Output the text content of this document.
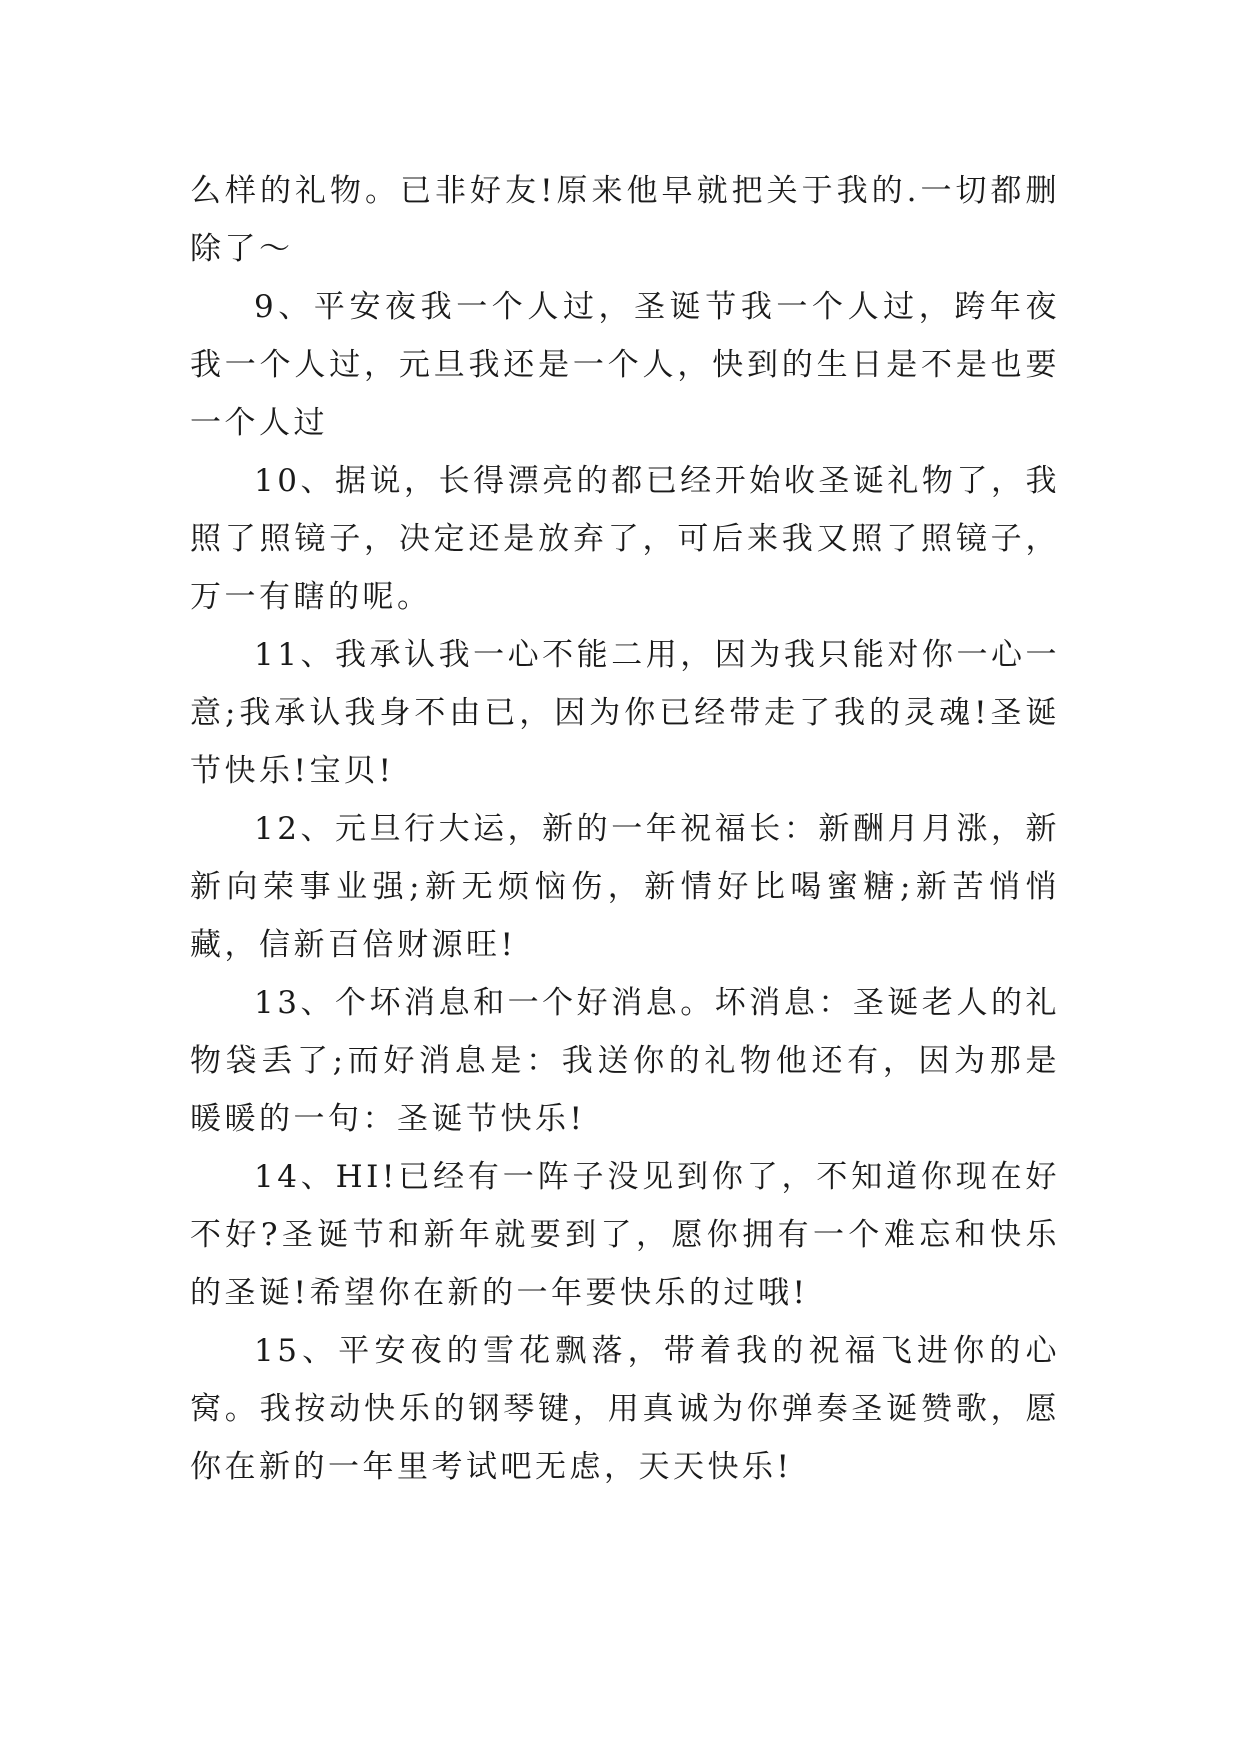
么样的礼物。已非好友!原来他早就把关于我的.一切都删除了～

9、平安夜我一个人过，圣诞节我一个人过，跨年夜我一个人过，元旦我还是一个人，快到的生日是不是也要一个人过

10、据说，长得漂亮的都已经开始收圣诞礼物了，我照了照镜子，决定还是放弃了，可后来我又照了照镜子，万一有瞎的呢。

11、我承认我一心不能二用，因为我只能对你一心一意;我承认我身不由已，因为你已经带走了我的灵魂!圣诞节快乐!宝贝!

12、元旦行大运，新的一年祝福长：新酬月月涨，新新向荣事业强;新无烦恼伤，新情好比喝蜜糖;新苦悄悄藏，信新百倍财源旺!

13、个坏消息和一个好消息。坏消息：圣诞老人的礼物袋丢了;而好消息是：我送你的礼物他还有，因为那是暖暖的一句：圣诞节快乐!

14、HI!已经有一阵子没见到你了，不知道你现在好不好?圣诞节和新年就要到了，愿你拥有一个难忘和快乐的圣诞!希望你在新的一年要快乐的过哦!

15、平安夜的雪花飘落，带着我的祝福飞进你的心窝。我按动快乐的钢琴键，用真诚为你弹奏圣诞赞歌，愿你在新的一年里考试吧无虑，天天快乐!
